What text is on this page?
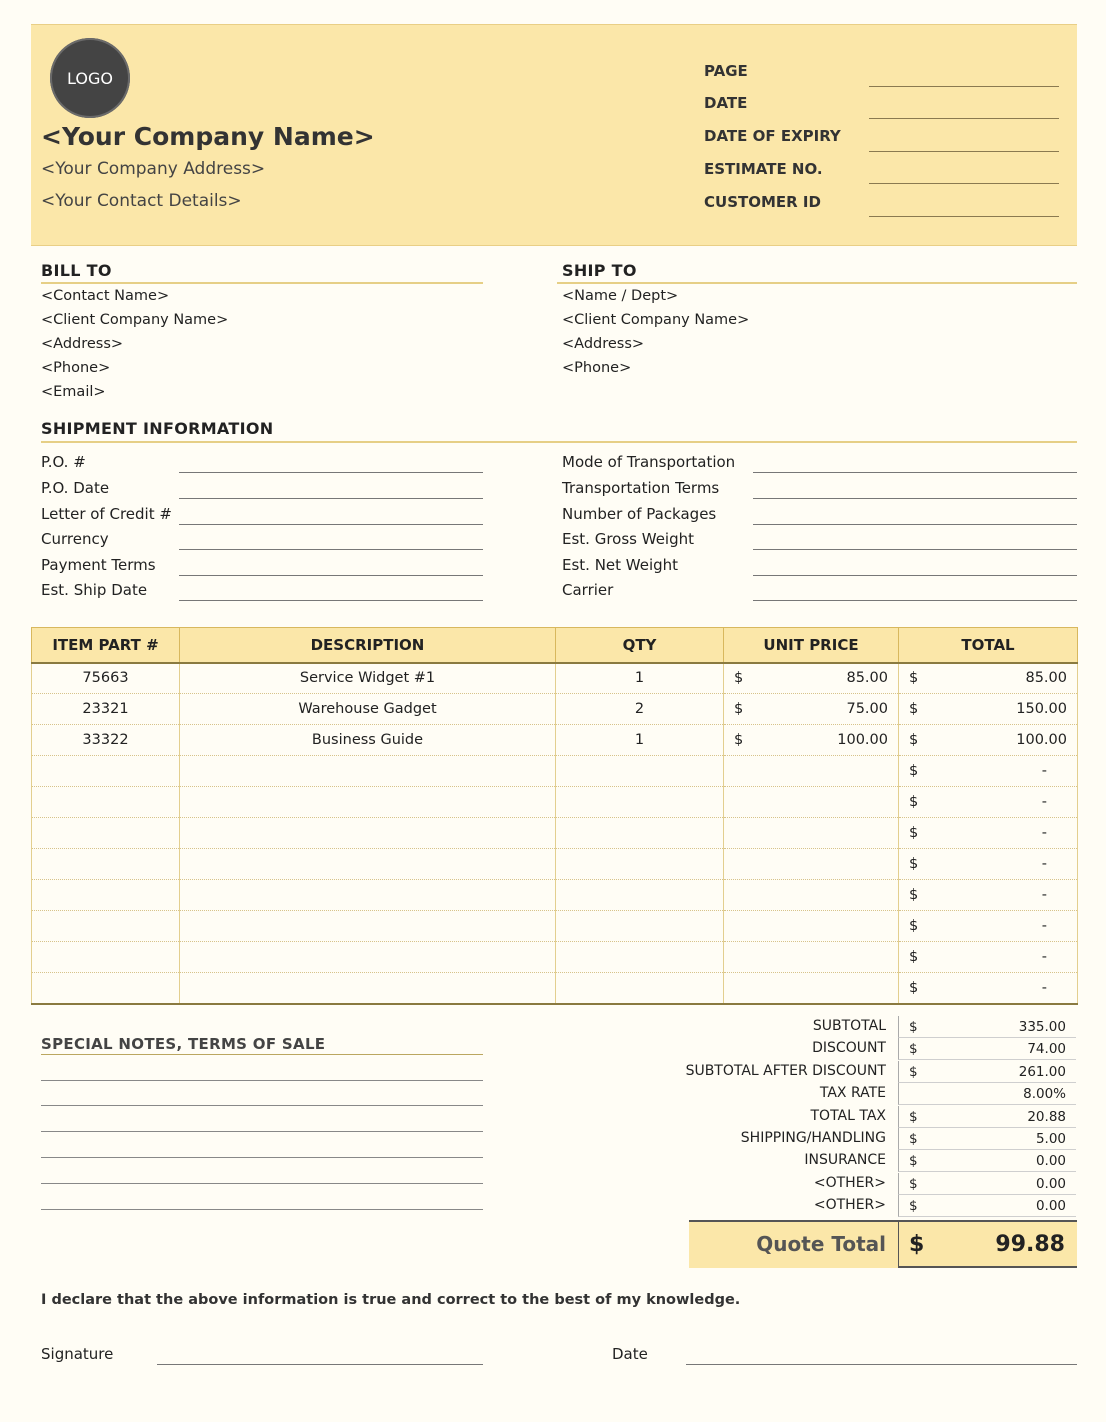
LOGO
<Your Company Name>
<Your Company Address>
<Your Contact Details>
PAGE
DATE
DATE OF EXPIRY
ESTIMATE NO.
CUSTOMER ID
BILL TO
<Contact Name>
<Client Company Name>
<Address>
<Phone>
<Email>
SHIP TO
<Name / Dept>
<Client Company Name>
<Address>
<Phone>
SHIPMENT INFORMATION
P.O. #
P.O. Date
Letter of Credit #
Currency
Payment Terms
Est. Ship Date
Mode of Transportation
Transportation Terms
Number of Packages
Est. Gross Weight
Est. Net Weight
Carrier
ITEM PART #	DESCRIPTION	QTY	UNIT PRICE	TOTAL
75663	Service Widget #1	1	$ 85.00	$ 85.00

23321	Warehouse Gadget	2	$ 75.00	$ 150.00

33322	Business Guide	1	$ 100.00	$ 100.00

				$ -

				$ -

				$ -

				$ -

				$ -

				$ -

				$ -

				$ -
SPECIAL NOTES, TERMS OF SALE
SUBTOTAL $	335.00
DISCOUNT $	74.00
SUBTOTAL AFTER DISCOUNT $	261.00
TAX RATE	8.00%
TOTAL TAX $	20.88
SHIPPING/HANDLING $	5.00
INSURANCE $	0.00
<OTHER> $	0.00
<OTHER> $	0.00
Quote Total $	99.88
I declare that the above information is true and correct to the best of my knowledge.
Signature	Date
